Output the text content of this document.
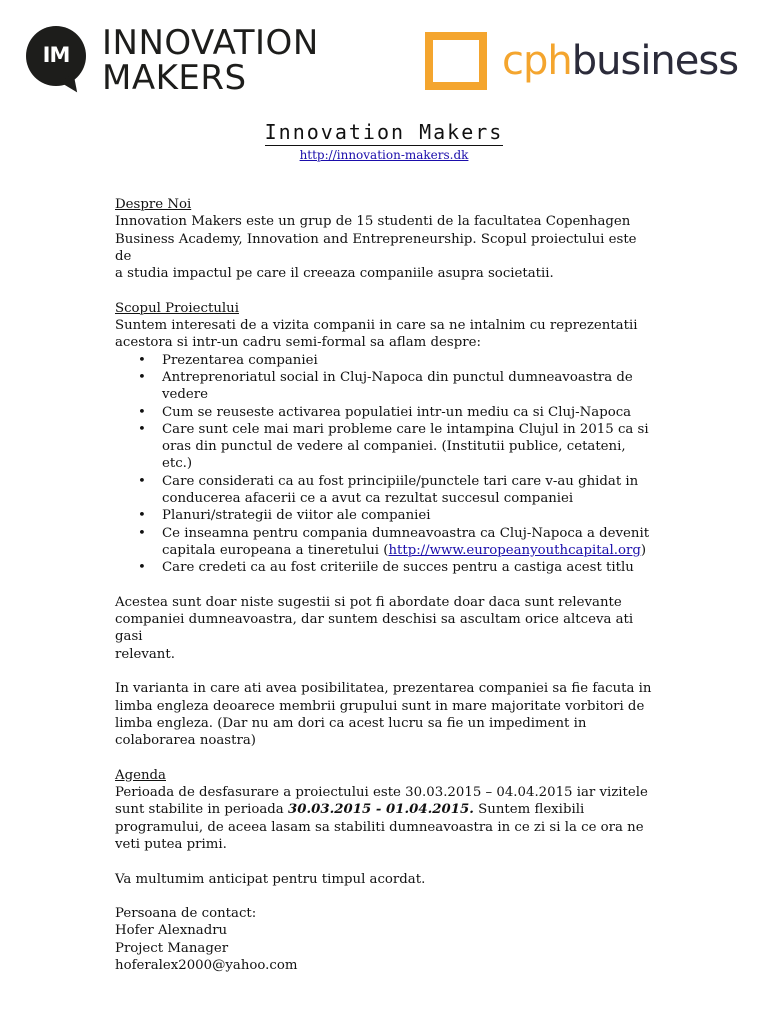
IM INNOVATION
MAKERS	cphbusiness
Innovation Makers
http://innovation-makers.dk

Despre Noi

Innovation Makers este un grup de 15 studenti de la facultatea Copenhagen

Business Academy, Innovation and Entrepreneurship. Scopul proiectului este de

a studia impactul pe care il creeaza companiile asupra societatii.

Scopul Proiectului

Suntem interesati de a vizita companii in care sa ne intalnim cu reprezentatii

acestora si intr-un cadru semi-formal sa aflam despre:

• Prezentarea companiei
• Antreprenoriatul social in Cluj-Napoca din punctul dumneavoastra de vedere
• Cum se reuseste activarea populatiei intr-un mediu ca si Cluj-Napoca
• Care sunt cele mai mari probleme care le intampina Clujul in 2015 ca si oras din punctul de vedere al companiei. (Institutii publice, cetateni, etc.)
• Care considerati ca au fost principiile/punctele tari care v-au ghidat in conducerea afacerii ce a avut ca rezultat succesul companiei
• Planuri/strategii de viitor ale companiei
• Ce inseamna pentru compania dumneavoastra ca Cluj-Napoca a devenit capitala europeana a tineretului (http://www.europeanyouthcapital.org)
• Care credeti ca au fost criteriile de succes pentru a castiga acest titlu

Acestea sunt doar niste sugestii si pot fi abordate doar daca sunt relevante

companiei dumneavoastra, dar suntem deschisi sa ascultam orice altceva ati gasi

relevant.

In varianta in care ati avea posibilitatea, prezentarea companiei sa fie facuta in

limba engleza deoarece membrii grupului sunt in mare majoritate vorbitori de

limba engleza. (Dar nu am dori ca acest lucru sa fie un impediment in

colaborarea noastra)

Agenda

Perioada de desfasurare a proiectului este 30.03.2015 – 04.04.2015 iar vizitele

sunt stabilite in perioada 30.03.2015 - 01.04.2015. Suntem flexibili

programului, de aceea lasam sa stabiliti dumneavoastra in ce zi si la ce ora ne

veti putea primi.

Va multumim anticipat pentru timpul acordat.

Persoana de contact:

Hofer Alexnadru

Project Manager

hoferalex2000@yahoo.com
